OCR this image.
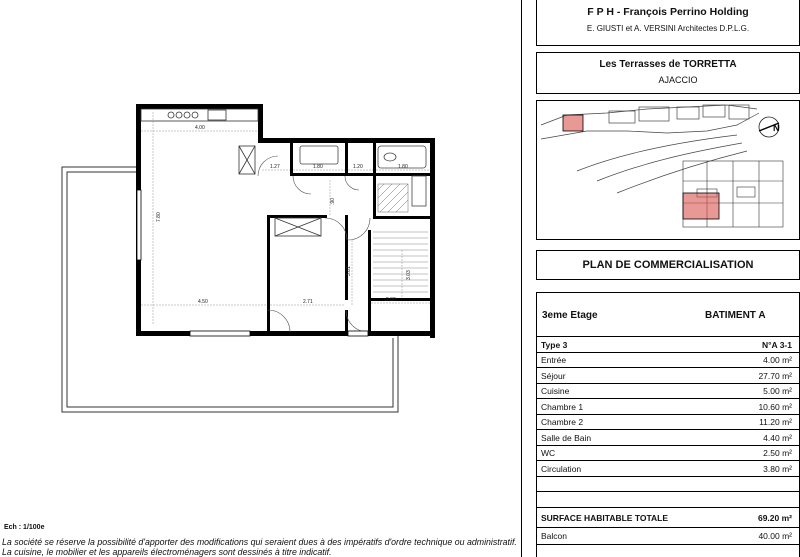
4.00
1.27	1.80	1.20	1.80
7.80
.90
3.81	3.03
4.50	2.71	2.80
Ech : 1/100e
La société se réserve la possibilité d'apporter des modifications qui seraient dues à des impératifs d'ordre technique ou administratif.
La cuisine, le mobilier et les appareils électroménagers sont dessinés à titre indicatif.
F P H - François Perrino Holding
E. GIUSTI et A. VERSINI Architectes D.P.L.G.
Les Terrasses de TORRETTA
AJACCIO
N
PLAN DE COMMERCIALISATION
3eme Etage	BATIMENT A
Type 3	N°A 3-1
Entrée	4.00 m²
Séjour	27.70 m²
Cuisine	5.00 m²
Chambre 1	10.60 m²
Chambre 2	11.20 m²
Salle de Bain	4.40 m²
WC	2.50 m²
Circulation	3.80 m²
SURFACE HABITABLE TOTALE	69.20 m²
Balcon	40.00 m²
